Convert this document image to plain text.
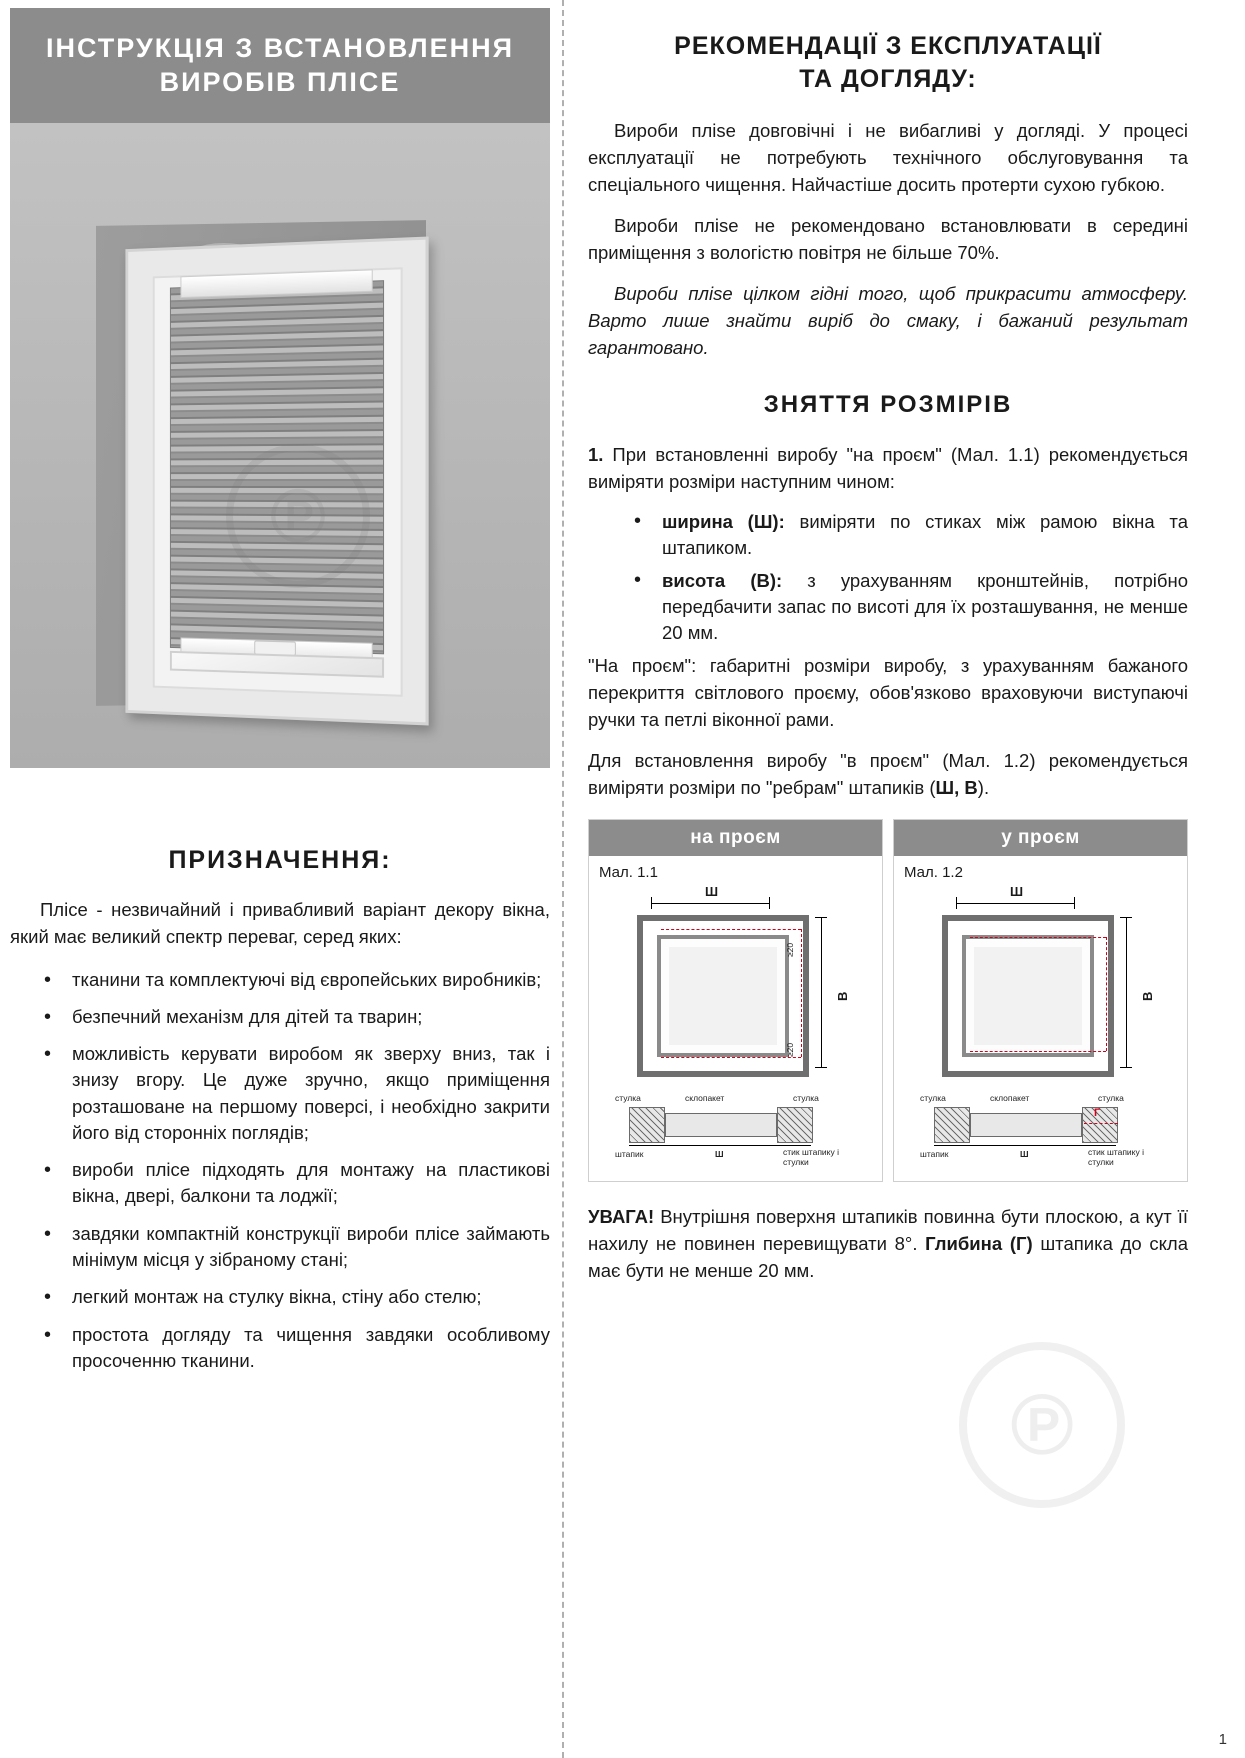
ІНСТРУКЦІЯ З ВСТАНОВЛЕННЯ
ВИРОБІВ ПЛІСЕ
℗
ПРИЗНАЧЕННЯ:

Плісе - незвичайний і привабливий варіант декору вікна, який має великий спектр переваг, серед яких:

• тканини та комплектуючі від європейських виробників;
• безпечний механізм для дітей та тварин;
• можливість керувати виробом як зверху вниз, так і знизу вгору. Це дуже зручно, якщо приміщення розташоване на першому поверсі, і необхідно закрити його від сторонніх поглядів;
• вироби плісе підходять для монтажу на пластикові вікна, двері, балкони та лоджії;
• завдяки компактній конструкції вироби плісе займають мінімум місця у зібраному стані;
• легкий монтаж на стулку вікна, стіну або стелю;
• простота догляду та чищення завдяки особливому просоченню тканини.
РЕКОМЕНДАЦІЇ З ЕКСПЛУАТАЦІЇ
ТА ДОГЛЯДУ:

Вироби пліse довговічні і не вибагливі у догляді. У процесі експлуатації не потребують технічного обслуговування та спеціального чищення. Найчастіше досить протерти сухою губкою.

Вироби пліse не рекомендовано встановлювати в середині приміщення з вологістю повітря не більше 70%.

Вироби пліse цілком гідні того, щоб прикрасити атмосферу. Варто лише знайти виріб до смаку, і бажаний результат гарантовано.

ЗНЯТТЯ РОЗМІРІВ

1. При встановленні виробу "на проєм" (Мал. 1.1) рекомендується виміряти розміри наступним чином:

• ширина (Ш): виміряти по стиках між рамою вікна та штапиком.
• висота (В): з урахуванням кронштейнів, потрібно передбачити запас по висоті для їх розташування, не менше 20 мм.

"На проєм": габаритні розміри виробу, з урахуванням бажаного перекриття світлового проєму, обов'язково враховуючи виступаючі ручки та петлі віконної рами.

Для встановлення виробу "в проєм" (Мал. 1.2) рекомендується виміряти розміри по "ребрам" штапиків (Ш, В).

на проєм
Мал. 1.1
Ш
В
≥20
≥20
стулка	склопакет	стулка
штапик	Ш	стик штапику і стулки
у проєм
Мал. 1.2
Ш
В
Г
стулка	склопакет	стулка
штапик	Ш	стик штапику і стулки

УВАГА! Внутрішня поверхня штапиків повинна бути плоскою, а кут її нахилу не повинен перевищувати 8°. Глибина (Г) штапика до скла має бути не менше 20 мм.

℗
1
